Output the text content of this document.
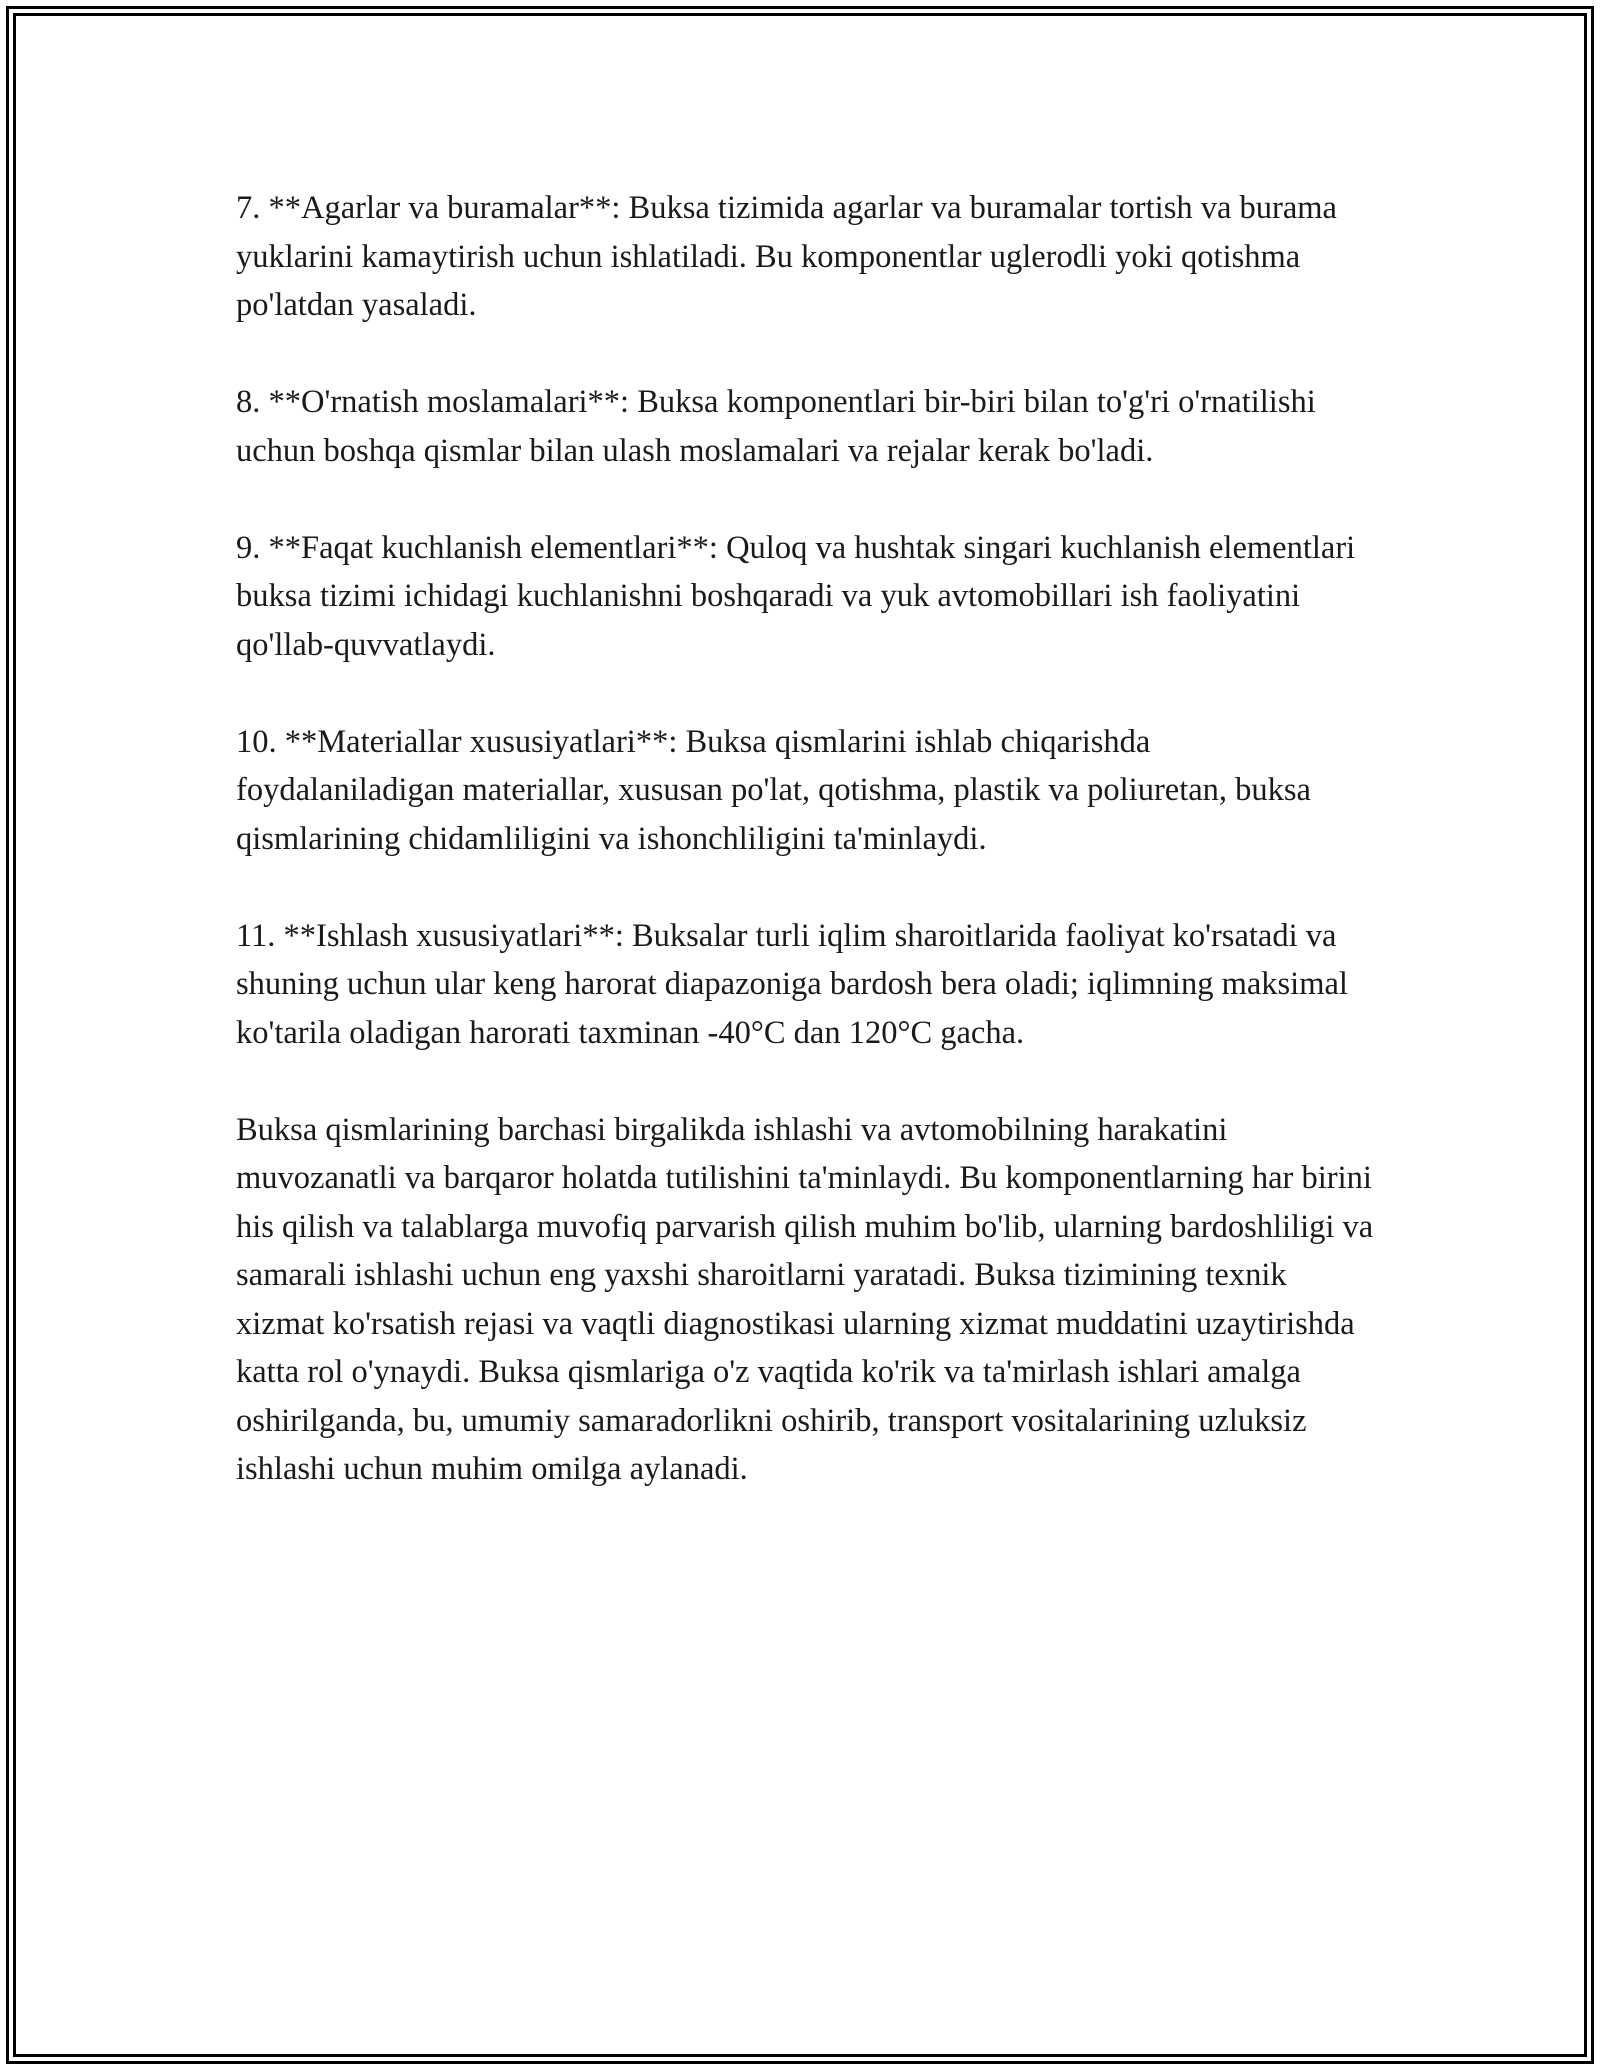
7. **Agarlar va buramalar**: Buksa tizimida agarlar va buramalar tortish va burama yuklarini kamaytirish uchun ishlatiladi. Bu komponentlar uglerodli yoki qotishma po'latdan yasaladi.

8. **O'rnatish moslamalari**: Buksa komponentlari bir-biri bilan to'g'ri o'rnatilishi uchun boshqa qismlar bilan ulash moslamalari va rejalar kerak bo'ladi.

9. **Faqat kuchlanish elementlari**: Quloq va hushtak singari kuchlanish elementlari buksa tizimi ichidagi kuchlanishni boshqaradi va yuk avtomobillari ish faoliyatini qo'llab-quvvatlaydi.

10. **Materiallar xususiyatlari**: Buksa qismlarini ishlab chiqarishda foydalaniladigan materiallar, xususan po'lat, qotishma, plastik va poliuretan, buksa qismlarining chidamliligini va ishonchliligini ta'minlaydi.

11. **Ishlash xususiyatlari**: Buksalar turli iqlim sharoitlarida faoliyat ko'rsatadi va shuning uchun ular keng harorat diapazoniga bardosh bera oladi; iqlimning maksimal ko'tarila oladigan harorati taxminan -40°C dan 120°C gacha.

Buksa qismlarining barchasi birgalikda ishlashi va avtomobilning harakatini muvozanatli va barqaror holatda tutilishini ta'minlaydi. Bu komponentlarning har birini his qilish va talablarga muvofiq parvarish qilish muhim bo'lib, ularning bardoshliligi va samarali ishlashi uchun eng yaxshi sharoitlarni yaratadi. Buksa tizimining texnik xizmat ko'rsatish rejasi va vaqtli diagnostikasi ularning xizmat muddatini uzaytirishda katta rol o'ynaydi. Buksa qismlariga o'z vaqtida ko'rik va ta'mirlash ishlari amalga oshirilganda, bu, umumiy samaradorlikni oshirib, transport vositalarining uzluksiz ishlashi uchun muhim omilga aylanadi.
